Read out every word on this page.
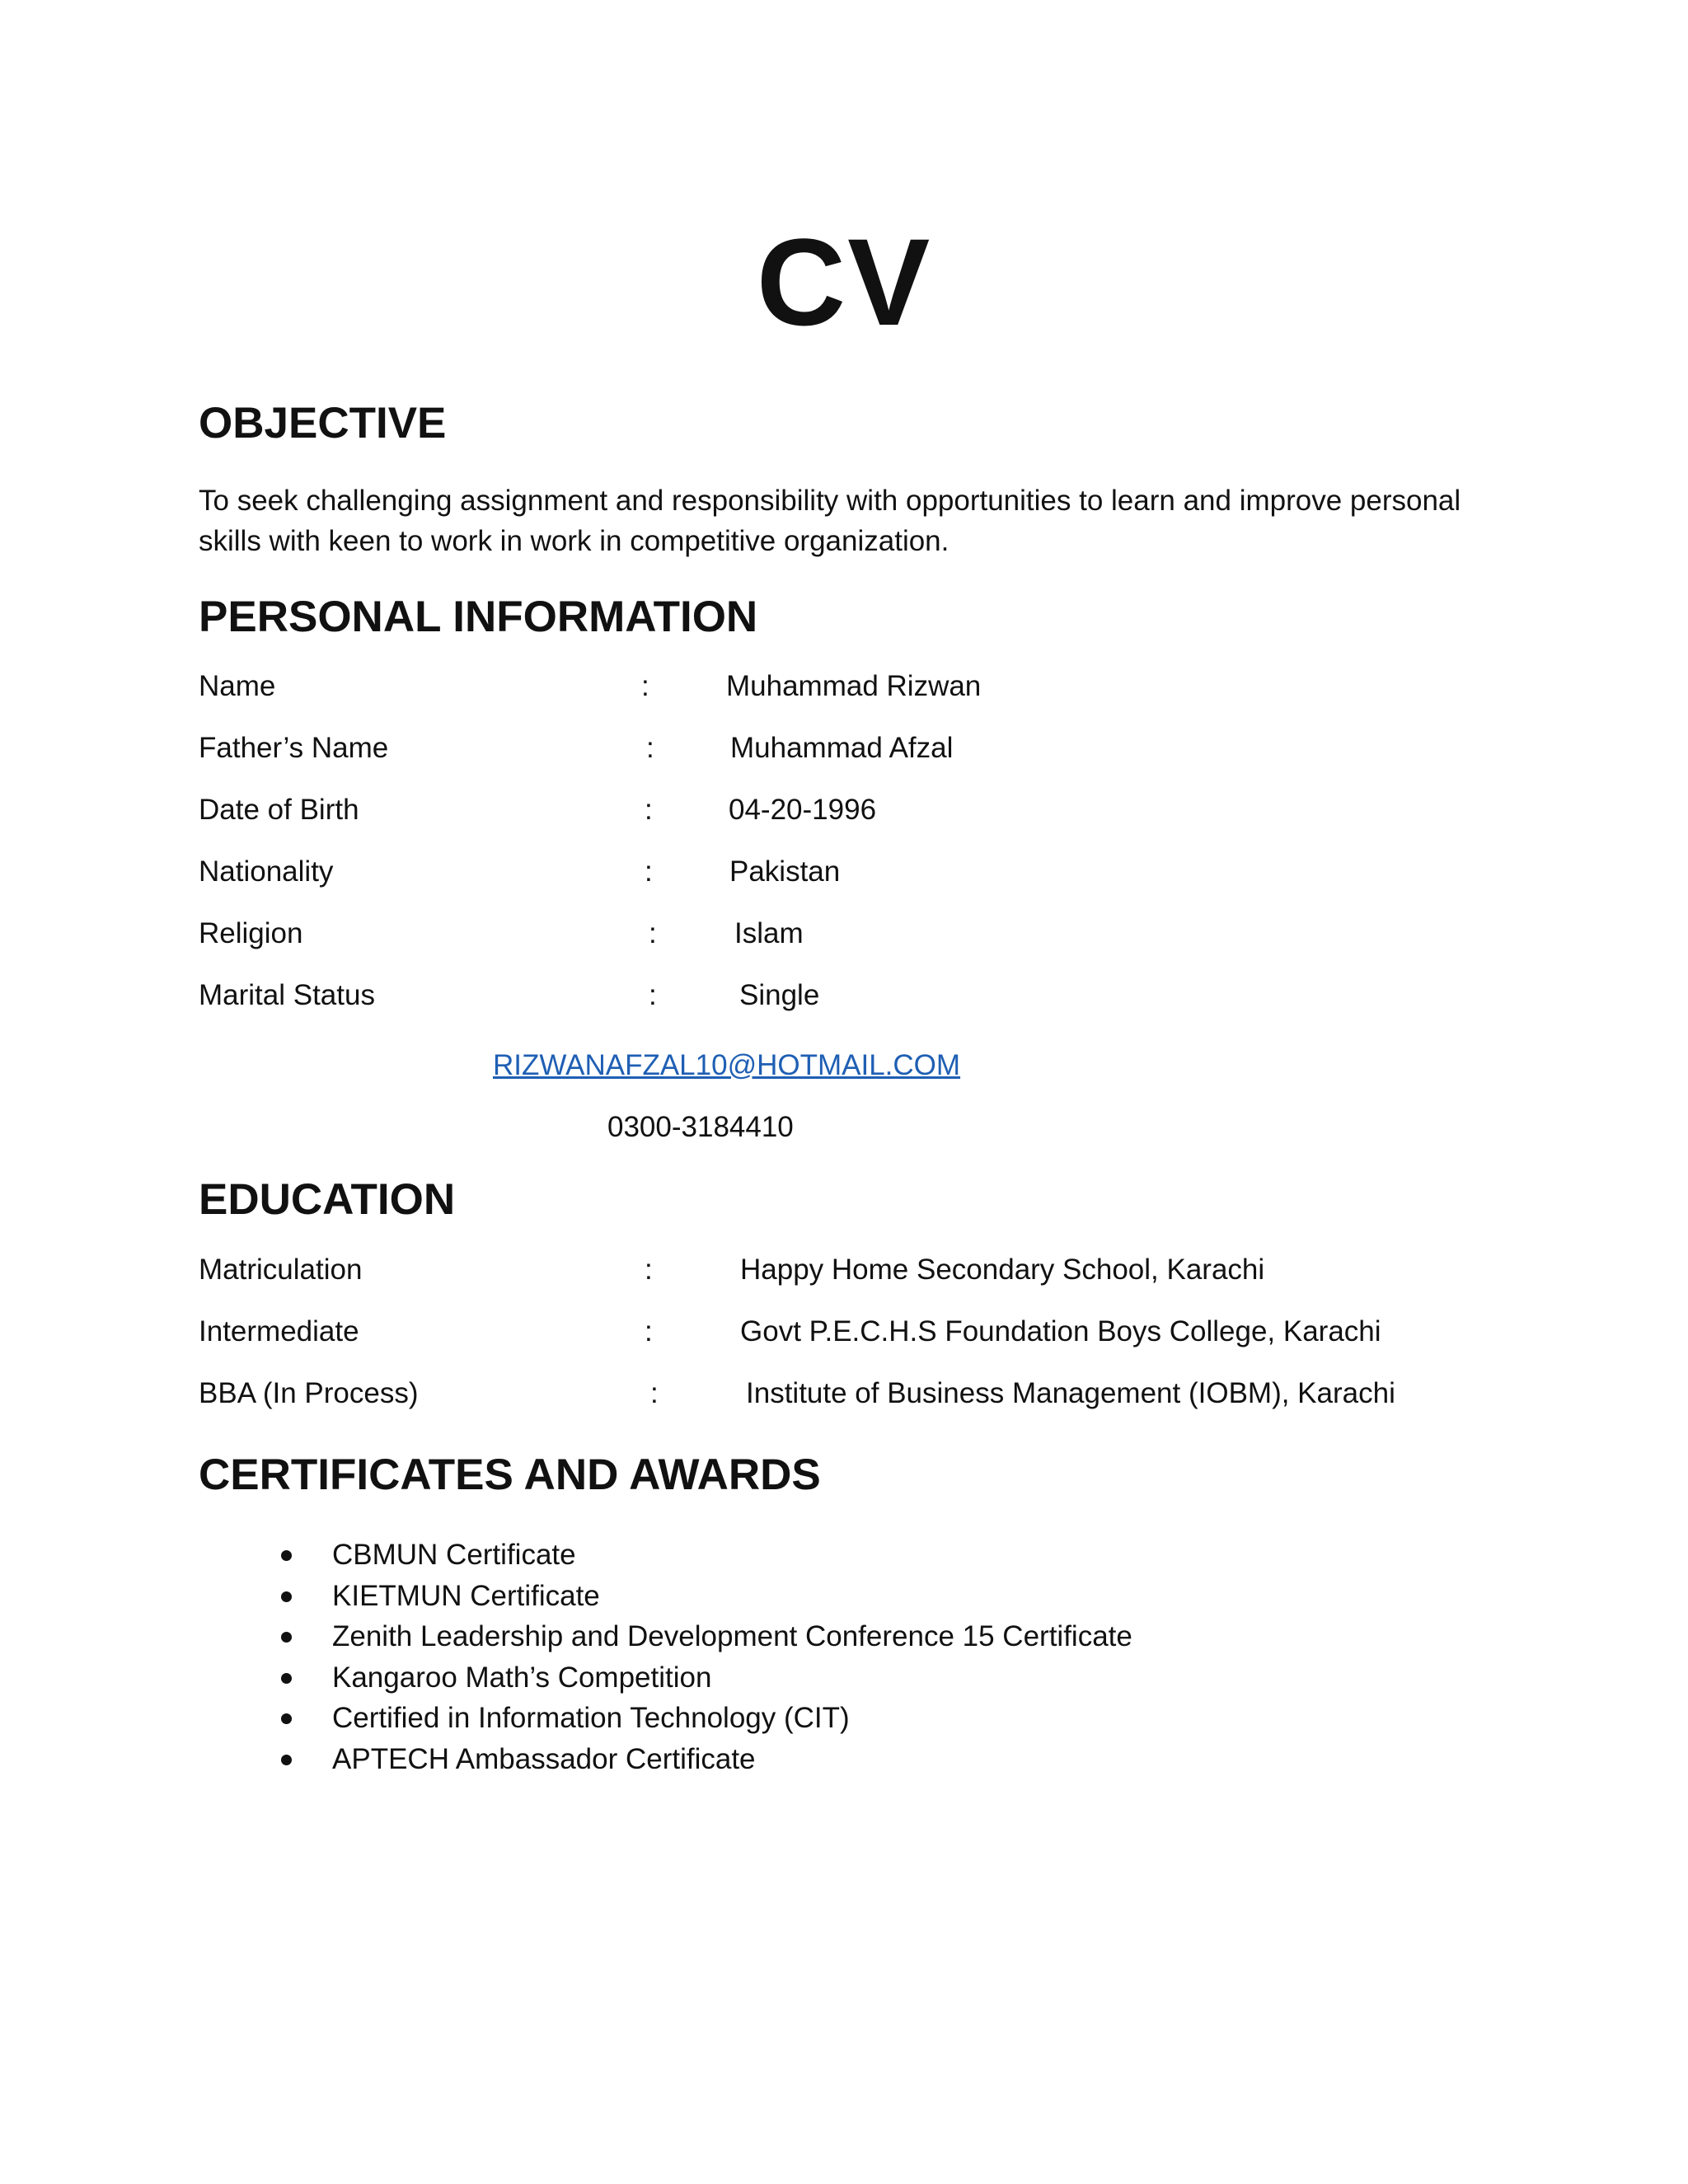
CV
OBJECTIVE
To seek challenging assignment and responsibility with opportunities to learn and improve personal skills with keen to work in work in competitive organization.
PERSONAL INFORMATION
Name	:	Muhammad Rizwan
Father’s Name	:	Muhammad Afzal
Date of Birth	:	04-20-1996
Nationality	:	Pakistan
Religion	:	Islam
Marital Status	:	Single
RIZWANAFZAL10@HOTMAIL.COM
0300-3184410
EDUCATION
Matriculation	:	Happy Home Secondary School, Karachi
Intermediate	:	Govt P.E.C.H.S Foundation Boys College, Karachi
BBA (In Process)	:	Institute of Business Management (IOBM), Karachi
CERTIFICATES AND AWARDS
CBMUN Certificate
KIETMUN Certificate
Zenith Leadership and Development Conference 15 Certificate
Kangaroo Math’s Competition
Certified in Information Technology (CIT)
APTECH Ambassador Certificate
